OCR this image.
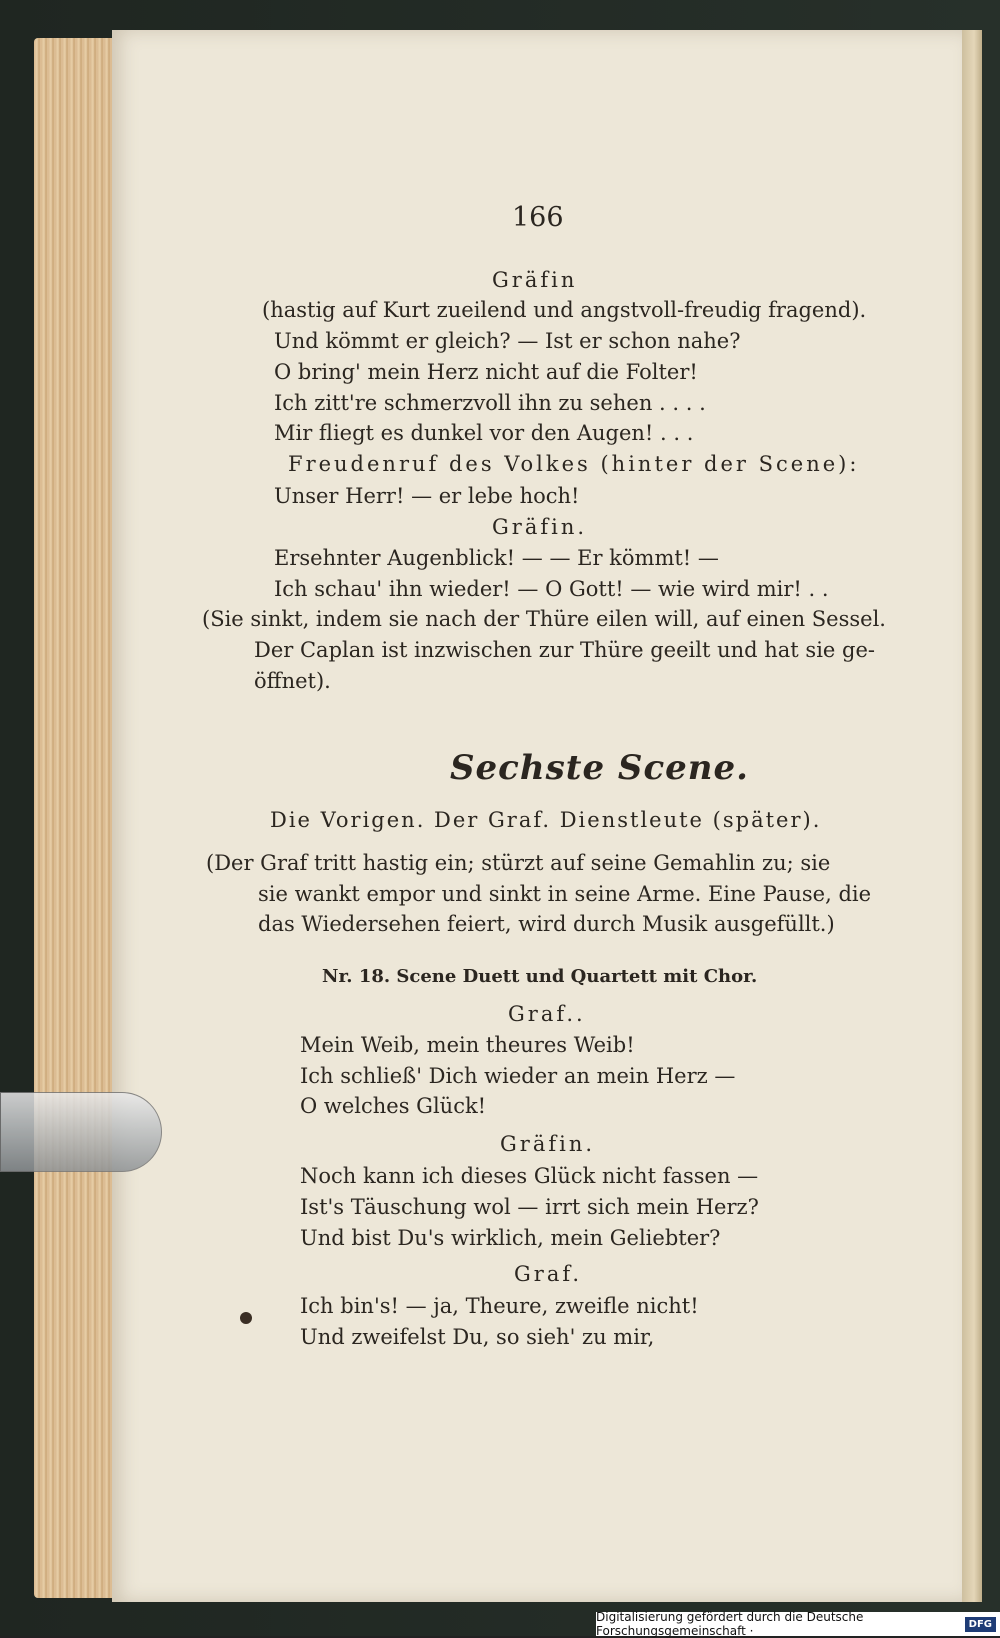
166
Gräfin
(hastig auf Kurt zueilend und angstvoll-freudig fragend).
Und kömmt er gleich? — Ist er schon nahe?
O bring' mein Herz nicht auf die Folter!
Ich zitt're schmerzvoll ihn zu sehen . . . .
Mir fliegt es dunkel vor den Augen! . . .
Freudenruf des Volkes (hinter der Scene):
Unser Herr! — er lebe hoch!
Gräfin.
Ersehnter Augenblick! — — Er kömmt! —
Ich schau' ihn wieder! — O Gott! — wie wird mir! . .
(Sie sinkt, indem sie nach der Thüre eilen will, auf einen Sessel.
Der Caplan ist inzwischen zur Thüre geeilt und hat sie ge-
öffnet).
Sechste Scene.
Die Vorigen. Der Graf. Dienstleute (später).
(Der Graf tritt hastig ein; stürzt auf seine Gemahlin zu; sie
sie wankt empor und sinkt in seine Arme. Eine Pause, die
das Wiedersehen feiert, wird durch Musik ausgefüllt.)
Nr. 18. Scene Duett und Quartett mit Chor.
Graf..
Mein Weib, mein theures Weib!
Ich schließ' Dich wieder an mein Herz —
O welches Glück!
Gräfin.
Noch kann ich dieses Glück nicht fassen —
Ist's Täuschung wol — irrt sich mein Herz?
Und bist Du's wirklich, mein Geliebter?
Graf.
Ich bin's! — ja, Theure, zweifle nicht!
Und zweifelst Du, so sieh' zu mir,
Digitalisierung gefördert durch die Deutsche Forschungsgemeinschaft ·	DFG
